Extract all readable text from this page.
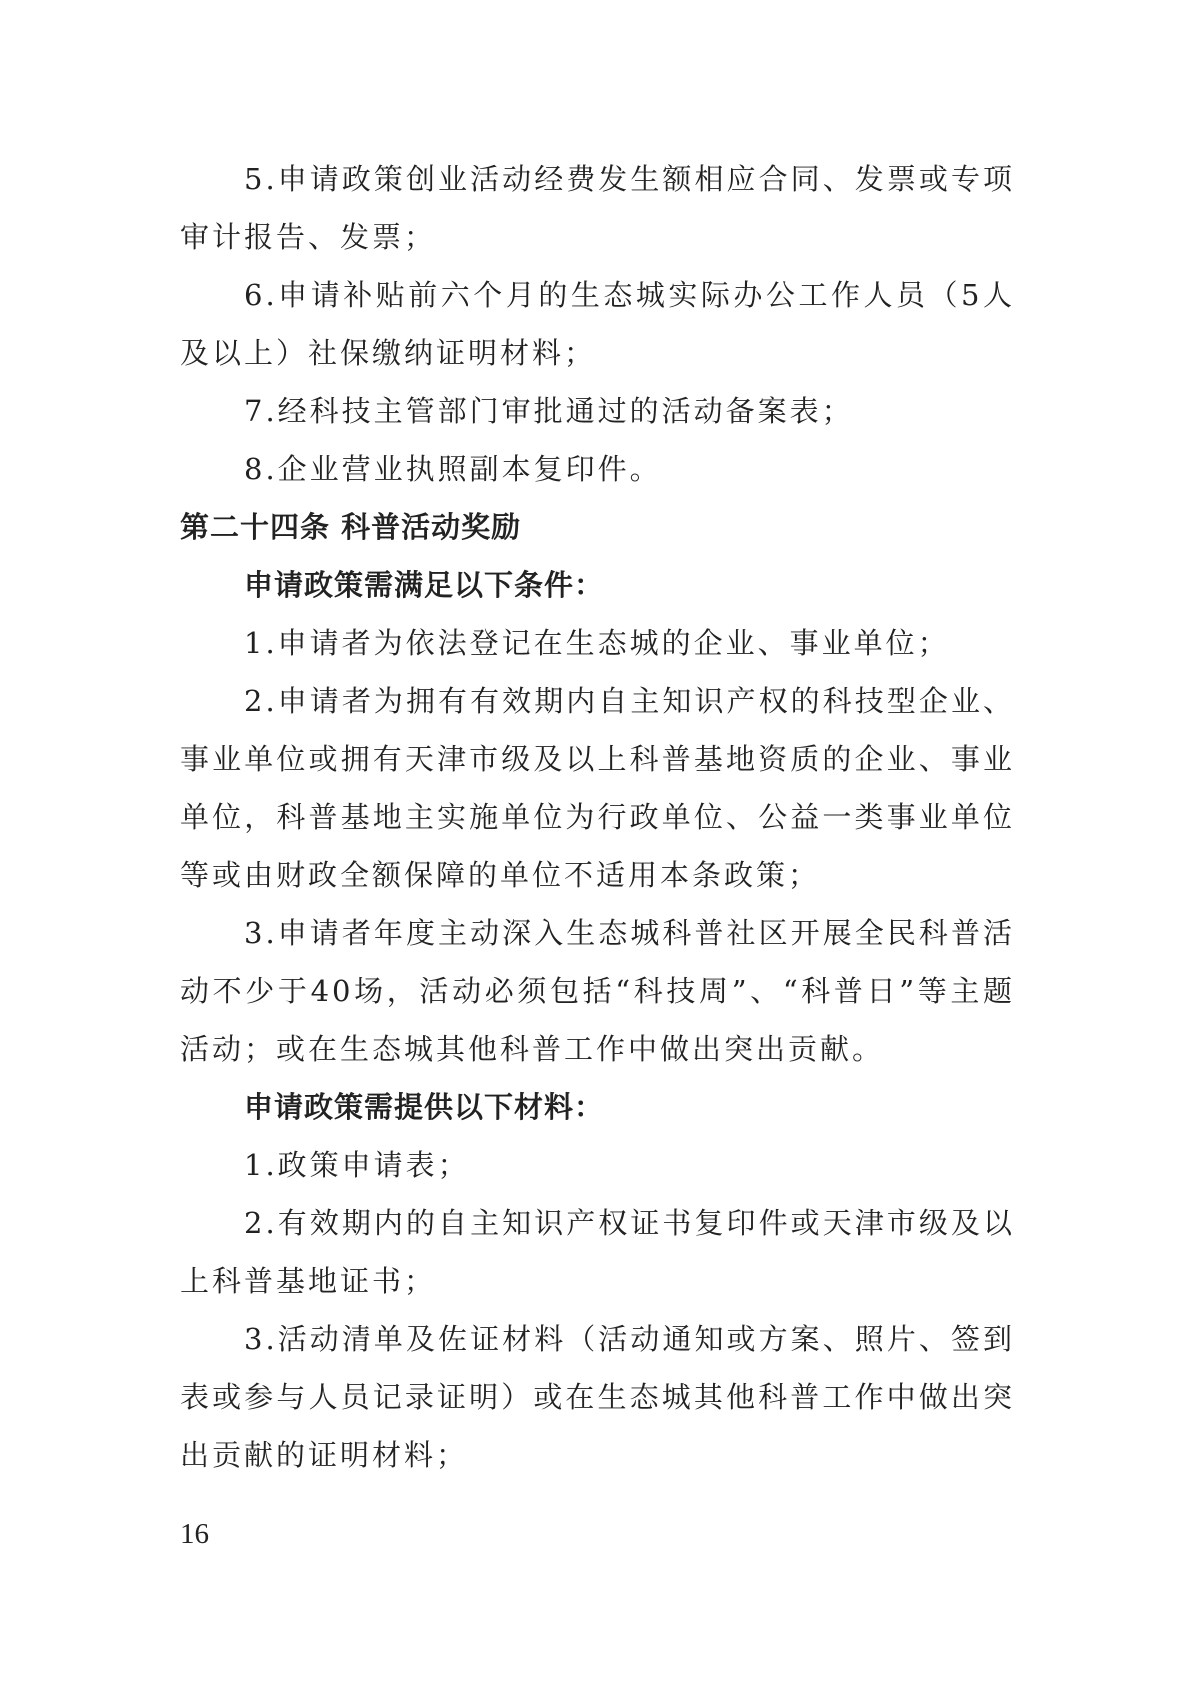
5.申请政策创业活动经费发生额相应合同、发票或专项审计报告、发票；

6.申请补贴前六个月的生态城实际办公工作人员（5人及以上）社保缴纳证明材料；

7.经科技主管部门审批通过的活动备案表；

8.企业营业执照副本复印件。

第二十四条 科普活动奖励

申请政策需满足以下条件：

1.申请者为依法登记在生态城的企业、事业单位；

2.申请者为拥有有效期内自主知识产权的科技型企业、事业单位或拥有天津市级及以上科普基地资质的企业、事业单位，科普基地主实施单位为行政单位、公益一类事业单位等或由财政全额保障的单位不适用本条政策；

3.申请者年度主动深入生态城科普社区开展全民科普活动不少于40场，活动必须包括“科技周”、“科普日”等主题活动；或在生态城其他科普工作中做出突出贡献。

申请政策需提供以下材料：

1.政策申请表；

2.有效期内的自主知识产权证书复印件或天津市级及以上科普基地证书；

3.活动清单及佐证材料（活动通知或方案、照片、签到表或参与人员记录证明）或在生态城其他科普工作中做出突出贡献的证明材料；

16
